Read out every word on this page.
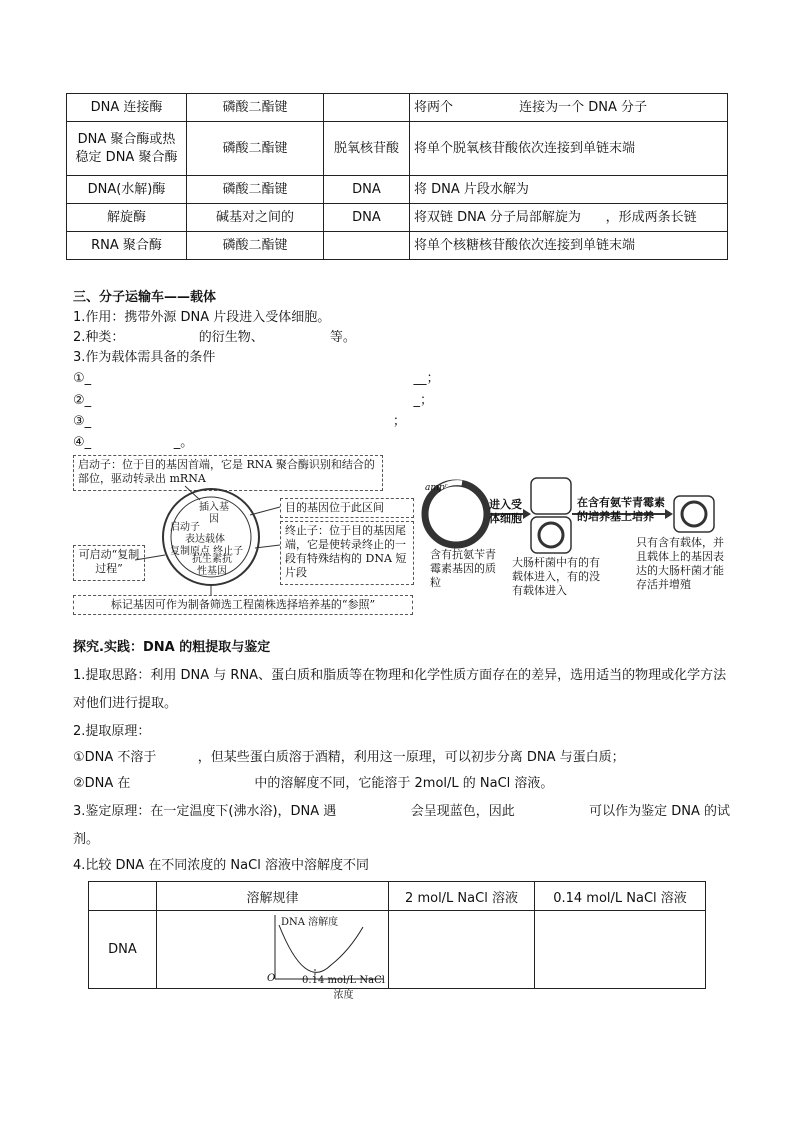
DNA 连接酶	磷酸二酯键		将两个                连接为一个 DNA 分子

DNA 聚合酶或热
稳定 DNA 聚合酶	磷酸二酯键	脱氧核苷酸	将单个脱氧核苷酸依次连接到单链末端
DNA(水解)酶	磷酸二酯键	DNA	将 DNA 片段水解为
解旋酶	碱基对之间的	DNA	将双链 DNA 分子局部解旋为      ，形成两条长链
RNA 聚合酶	磷酸二酯键		将单个核糖核苷酸依次连接到单链末端
三、分子运输车——载体
1.作用：携带外源 DNA 片段进入受体细胞。
2.种类：                  的衍生物、                等。
3.作为载体需具备的条件
①_                                                                              __；
②_                                                                              _；
③_                                                                         ；
④_                    _。
启动子：位于目的基因首端，它是 RNA 聚合酶识别和结合的部位，驱动转录出 mRNA
目的基因位于此区间
终止子：位于目的基因尾端，它是使转录终止的一段有特殊结构的 DNA 短片段
可启动“复制过程”
标记基因可作为制备筛选工程菌株选择培养基的“参照”
插入基因
启动子
表达载体
复制原点 终止子
抗生素抗性基因
ampʳ
含有抗氨苄青霉素基因的质粒
进入受体细胞
大肠杆菌中有的有载体进入，有的没有载体进入
在含有氨苄青霉素的培养基上培养
只有含有载体，并且载体上的基因表达的大肠杆菌才能存活并增殖
探究.实践：DNA 的粗提取与鉴定
1.提取思路：利用 DNA 与 RNA、蛋白质和脂质等在物理和化学性质方面存在的差异，选用适当的物理或化学方法对他们进行提取。
2.提取原理：
①DNA 不溶于          ，但某些蛋白质溶于酒精，利用这一原理，可以初步分离 DNA 与蛋白质；
②DNA 在                              中的溶解度不同，它能溶于 2mol/L 的 NaCl 溶液。
3.鉴定原理：在一定温度下(沸水浴)，DNA 遇                  会呈现蓝色，因此                  可以作为鉴定 DNA 的试剂。
4.比较 DNA 在不同浓度的 NaCl 溶液中溶解度不同
	溶解规律	2 mol/L NaCl 溶液	0.14 mol/L NaCl 溶液
DNA	DNA 溶解度
O 0.14 mol/L NaCl浓度		
